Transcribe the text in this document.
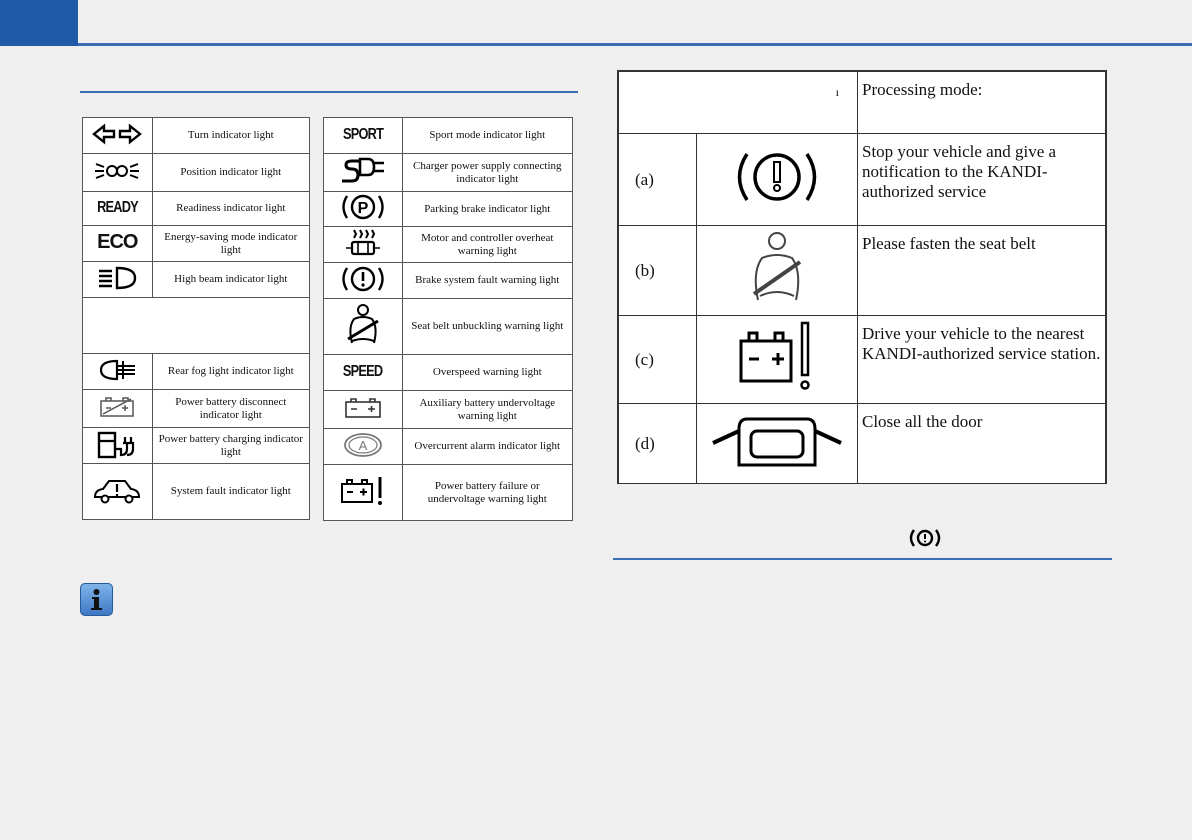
	Turn indicator light
	Position indicator light
READY	Readiness indicator light
ECO	Energy-saving mode indicator light
	High beam indicator light

	Rear fog light indicator light
	Power battery disconnect indicator light
	Power battery charging indicator light
	System fault indicator light
SPORT	Sport mode indicator light
	Charger power supply connecting indicator light

P	Parking brake indicator light
	Motor and controller overheat warning light
	Brake system fault warning light
	Seat belt unbuckling warning light
SPEED	Overspeed warning light
	Auxiliary battery undervoltage warning light

A	Overcurrent alarm indicator light
	Power battery failure or undervoltage warning light
ı		Processing mode:
(a)		Stop your vehicle and give a notification to the KANDI-authorized service
(b)		Please fasten the seat belt
(c)		Drive your vehicle to the nearest KANDI-authorized service station.
(d)		Close all the door
